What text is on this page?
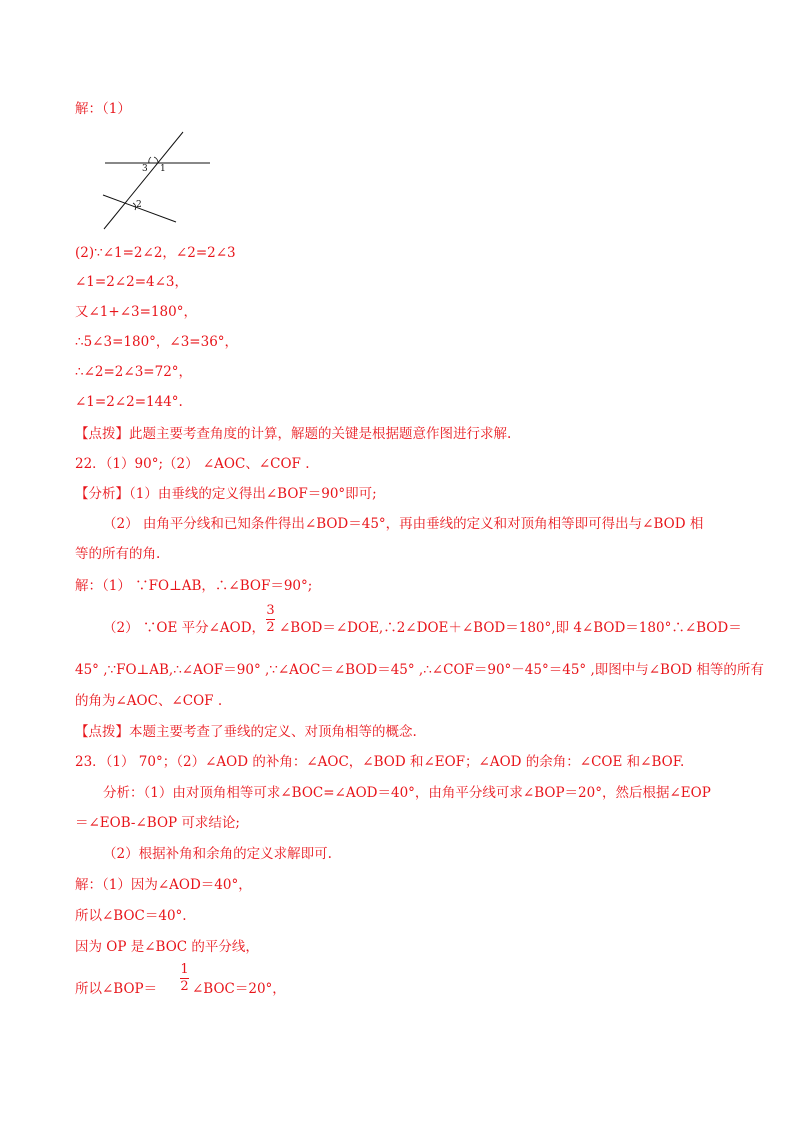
解：（1）
1
3
2
(2)∵∠1=2∠2，∠2=2∠3
∠1=2∠2=4∠3，
又∠1+∠3=180°，
∴5∠3=180°，∠3=36°，
∴∠2=2∠3=72°，
∠1=2∠2=144°.
【点拨】此题主要考查角度的计算，解题的关键是根据题意作图进行求解.
22．（1）90°;（2） ∠AOC、∠COF .
【分析】（1）由垂线的定义得出∠BOF＝90°即可;
（2） 由角平分线和已知条件得出∠BOD＝45°，再由垂线的定义和对顶角相等即可得出与∠BOD 相
等的所有的角.
解：（1） ∵FO⊥AB，∴∠BOF＝90°;
（2） ∵OE 平分∠AOD，
3
2 ∠BOD＝∠DOE,∴2∠DOE＋∠BOD＝180°,即 4∠BOD＝180°∴∠BOD＝
45° ,∵FO⊥AB,∴∠AOF＝90° ,∵∠AOC＝∠BOD＝45° ,∴∠COF＝90°－45°＝45° ,即图中与∠BOD 相等的所有
的角为∠AOC、∠COF .
【点拨】本题主要考查了垂线的定义、对顶角相等的概念.
23．（1） 70°；（2）∠AOD 的补角：∠AOC，∠BOD 和∠EOF；∠AOD 的余角：∠COE 和∠BOF.
分析：（1）由对顶角相等可求∠BOC=∠AOD＝40°，由角平分线可求∠BOP＝20°，然后根据∠EOP
＝∠EOB-∠BOP 可求结论;
（2）根据补角和余角的定义求解即可.
解：（1）因为∠AOD＝40°，
所以∠BOC＝40°.
因为 OP 是∠BOC 的平分线，
所以∠BOP＝
1
2 ∠BOC＝20°，
